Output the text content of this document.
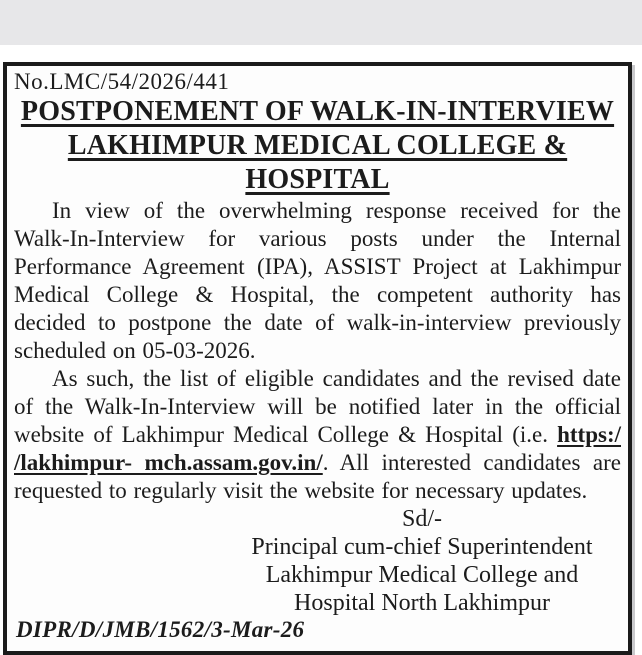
No.LMC/54/2026/441
POSTPONEMENT OF WALK-IN-INTERVIEW
LAKHIMPUR MEDICAL COLLEGE &
HOSPITAL

In view of the overwhelming response received for the Walk-In-Interview for various posts under the Internal Performance Agreement (IPA), ASSIST Project at Lakhimpur Medical College & Hospital, the competent authority has decided to postpone the date of walk-in-interview previously scheduled on 05-03-2026.

As such, the list of eligible candidates and the revised date of the Walk-In-Interview will be notified later in the official website of Lakhimpur Medical College & Hospital (i.e. https:/ /lakhimpur- mch.assam.gov.in/. All interested candidates are requested to regularly visit the website for necessary updates.

Sd/-
Principal cum-chief Superintendent
Lakhimpur Medical College and
Hospital North Lakhimpur
DIPR/D/JMB/1562/3-Mar-26
